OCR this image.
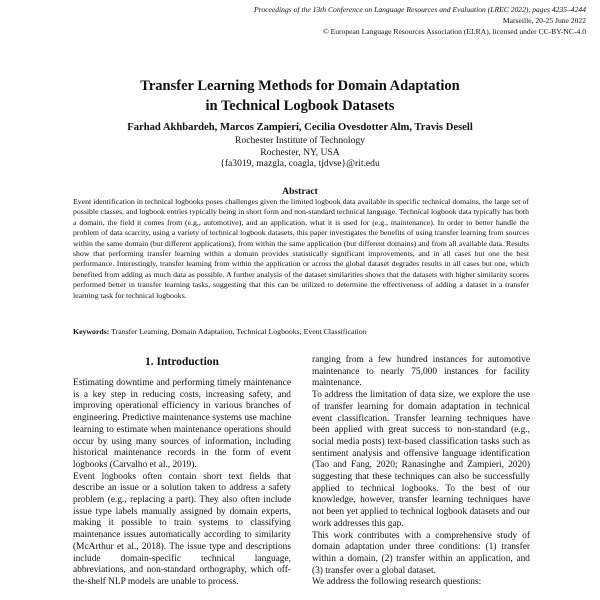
Proceedings of the 13th Conference on Language Resources and Evaluation (LREC 2022), pages 4235–4244
Marseille, 20-25 June 2022
© European Language Resources Association (ELRA), licensed under CC-BY-NC-4.0
Transfer Learning Methods for Domain Adaptation
in Technical Logbook Datasets
Farhad Akhbardeh, Marcos Zampieri, Cecilia Ovesdotter Alm, Travis Desell
Rochester Institute of Technology
Rochester, NY, USA
{fa3019, mazgla, coagla, tjdvse}@rit.edu
Abstract
Event identification in technical logbooks poses challenges given the limited logbook data available in specific technical domains, the large set of possible classes, and logbook entries typically being in short form and non-standard technical language. Technical logbook data typically has both a domain, the field it comes from (e.g., automotive), and an application, what it is used for (e.g., maintenance). In order to better handle the problem of data scarcity, using a variety of technical logbook datasets, this paper investigates the benefits of using transfer learning from sources within the same domain (but different applications), from within the same application (but different domains) and from all available data. Results show that performing transfer learning within a domain provides statistically significant improvements, and in all cases but one the best performance. Interestingly, transfer learning from within the application or across the global dataset degrades results in all cases but one, which benefited from adding as much data as possible. A further analysis of the dataset similarities shows that the datasets with higher similarity scores performed better in transfer learning tasks, suggesting that this can be utilized to determine the effectiveness of adding a dataset in a transfer learning task for technical logbooks.
Keywords: Transfer Learning, Domain Adaptation, Technical Logbooks, Event Classification
1. Introduction

Estimating downtime and performing timely maintenance is a key step in reducing costs, increasing safety, and improving operational efficiency in various branches of engineering. Predictive maintenance systems use machine learning to estimate when maintenance operations should occur by using many sources of information, including historical maintenance records in the form of event logbooks (Carvalho et al., 2019).

Event logbooks often contain short text fields that describe an issue or a solution taken to address a safety problem (e.g., replacing a part). They also often include issue type labels manually assigned by domain experts, making it possible to train systems to classifying maintenance issues automatically according to similarity (McArthur et al., 2018). The issue type and descriptions include domain-specific technical language, abbreviations, and non-standard orthography, which off-the-shelf NLP models are unable to process.

ranging from a few hundred instances for automotive maintenance to nearly 75,000 instances for facility maintenance.

To address the limitation of data size, we explore the use of transfer learning for domain adaptation in technical event classification. Transfer learning techniques have been applied with great success to non-standard (e.g., social media posts) text-based classification tasks such as sentiment analysis and offensive language identification (Tao and Fang, 2020; Ranasinghe and Zampieri, 2020) suggesting that these techniques can also be successfully applied to technical logbooks. To the best of our knowledge, however, transfer learning techniques have not been yet applied to technical logbook datasets and our work addresses this gap.

This work contributes with a comprehensive study of domain adaptation under three conditions: (1) transfer within a domain, (2) transfer within an application, and (3) transfer over a global dataset.

We address the following research questions:
